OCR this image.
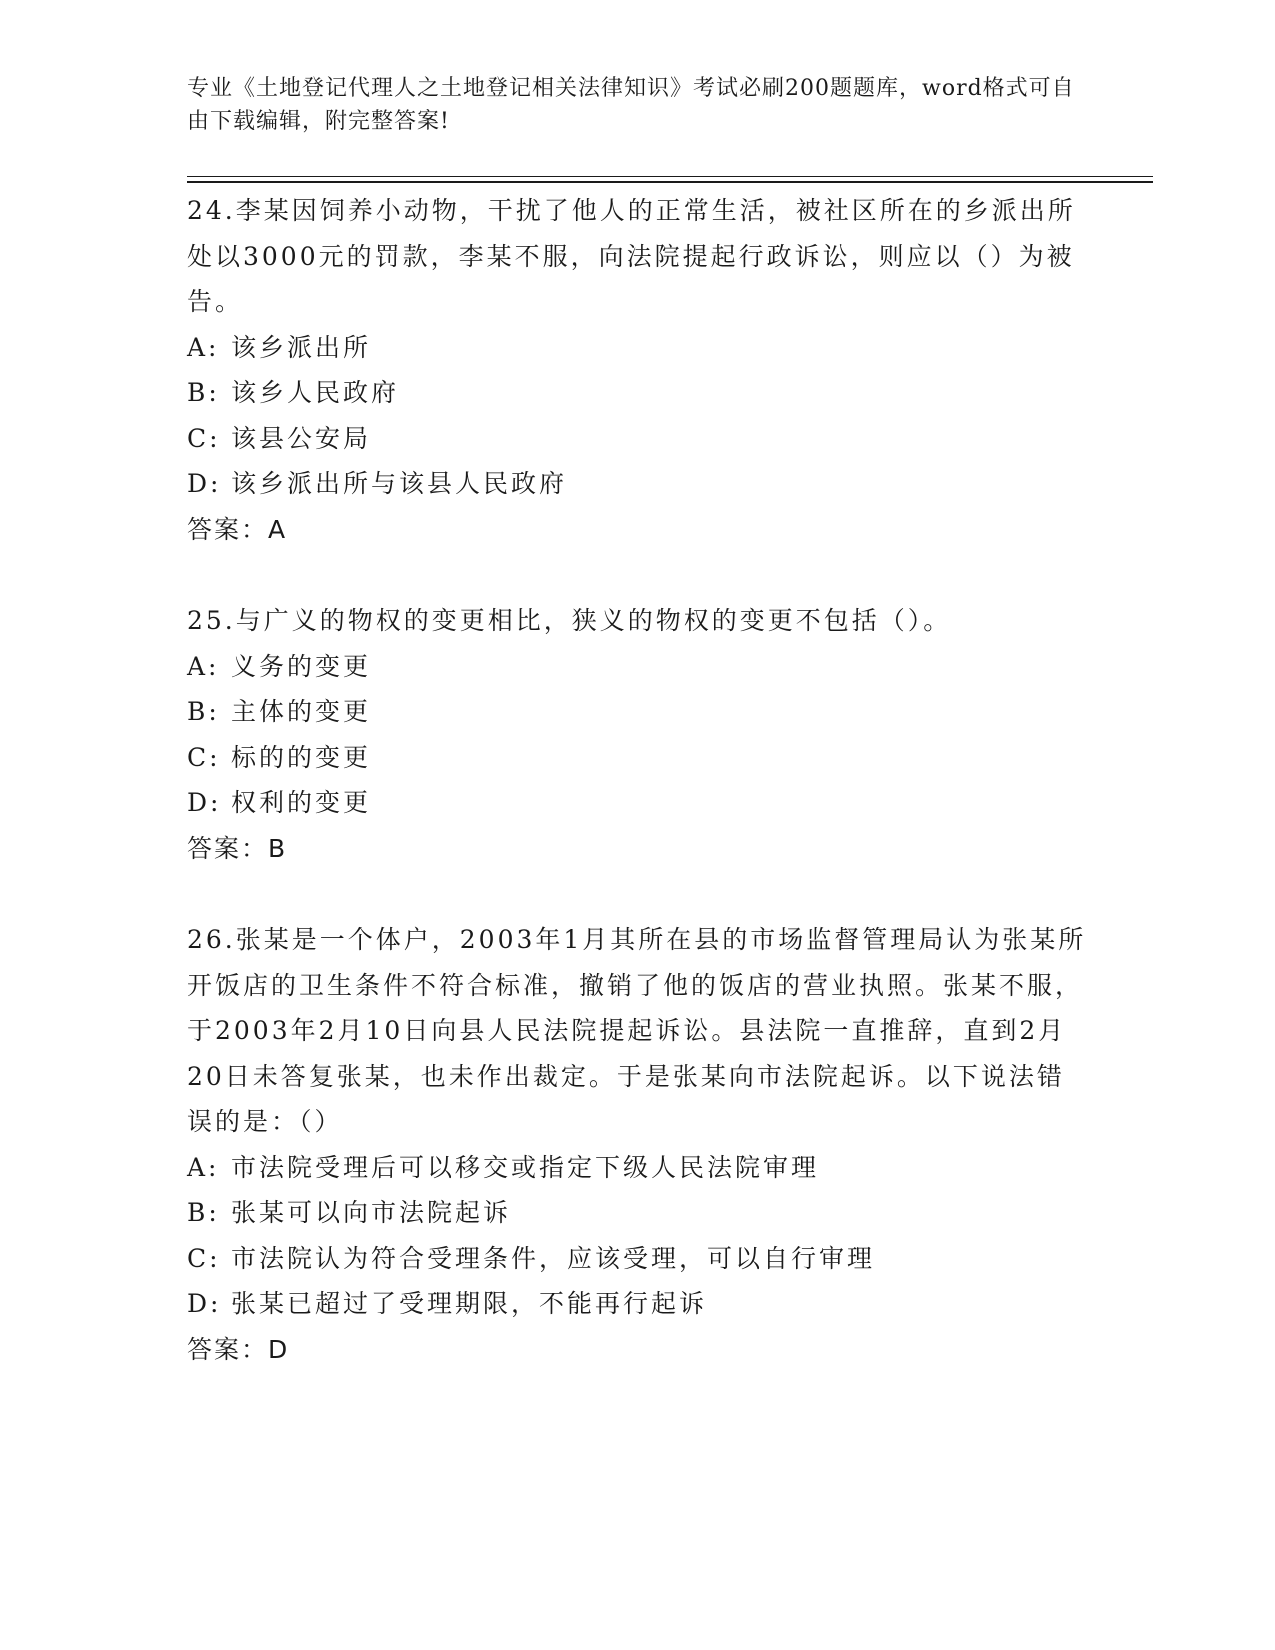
专业《土地登记代理人之土地登记相关法律知识》考试必刷200题题库，word格式可自由下载编辑，附完整答案!

24.李某因饲养小动物，干扰了他人的正常生活，被社区所在的乡派出所处以3000元的罚款，李某不服，向法院提起行政诉讼，则应以（）为被告。

A: 该乡派出所

B: 该乡人民政府

C: 该县公安局

D: 该乡派出所与该县人民政府

答案：A

25.与广义的物权的变更相比，狭义的物权的变更不包括（）。

A: 义务的变更

B: 主体的变更

C: 标的的变更

D: 权利的变更

答案：B

26.张某是一个体户，2003年1月其所在县的市场监督管理局认为张某所开饭店的卫生条件不符合标准，撤销了他的饭店的营业执照。张某不服，于2003年2月10日向县人民法院提起诉讼。县法院一直推辞，直到2月20日未答复张某，也未作出裁定。于是张某向市法院起诉。以下说法错误的是：（）

A: 市法院受理后可以移交或指定下级人民法院审理

B: 张某可以向市法院起诉

C: 市法院认为符合受理条件，应该受理，可以自行审理

D: 张某已超过了受理期限，不能再行起诉

答案：D
